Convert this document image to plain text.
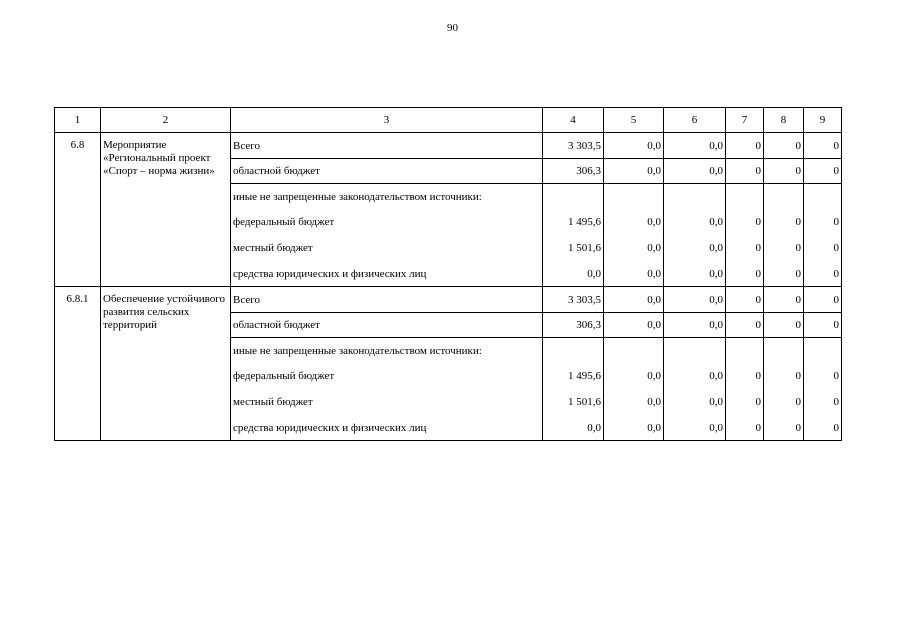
90
1	2	3	4	5	6	7	8	9
6.8	Мероприятие «Региональный проект «Спорт – норма жизни»	Всего	3 303,5	0,0	0,0	0	0	0
		областной бюджет	306,3	0,0	0,0	0	0	0
		иные не запрещенные законодательством источники:						
		федеральный бюджет	1 495,6	0,0	0,0	0	0	0
		местный бюджет	1 501,6	0,0	0,0	0	0	0
		средства юридических и физических лиц	0,0	0,0	0,0	0	0	0
6.8.1	Обеспечение устойчивого развития сельских территорий	Всего	3 303,5	0,0	0,0	0	0	0
		областной бюджет	306,3	0,0	0,0	0	0	0
		иные не запрещенные законодательством источники:						
		федеральный бюджет	1 495,6	0,0	0,0	0	0	0
		местный бюджет	1 501,6	0,0	0,0	0	0	0
		средства юридических и физических лиц	0,0	0,0	0,0	0	0	0
